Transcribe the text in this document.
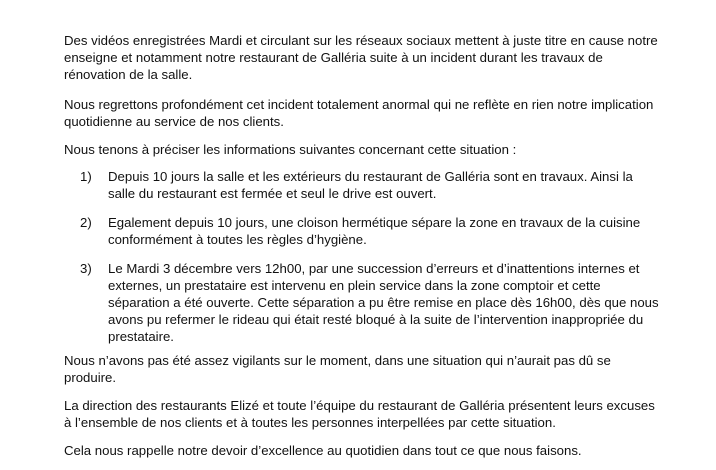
Des vidéos enregistrées Mardi et circulant sur les réseaux sociaux mettent à juste titre en cause notre
enseigne et notamment notre restaurant de Galléria suite à un incident durant les travaux de
rénovation de la salle.

Nous regrettons profondément cet incident totalement anormal qui ne reflète en rien notre implication
quotidienne au service de nos clients.

Nous tenons à préciser les informations suivantes concernant cette situation :

1)	Depuis 10 jours la salle et les extérieurs du restaurant de Galléria sont en travaux. Ainsi la
salle du restaurant est fermée et seul le drive est ouvert.
2)	Egalement depuis 10 jours, une cloison hermétique sépare la zone en travaux de la cuisine
conformément à toutes les règles d’hygiène.
3)	Le Mardi 3 décembre vers 12h00, par une succession d’erreurs et d’inattentions internes et
externes, un prestataire est intervenu en plein service dans la zone comptoir et cette
séparation a été ouverte. Cette séparation a pu être remise en place dès 16h00, dès que nous
avons pu refermer le rideau qui était resté bloqué à la suite de l’intervention inappropriée du
prestataire.

Nous n’avons pas été assez vigilants sur le moment, dans une situation qui n’aurait pas dû se
produire.

La direction des restaurants Elizé et toute l’équipe du restaurant de Galléria présentent leurs excuses
à l’ensemble de nos clients et à toutes les personnes interpellées par cette situation.

Cela nous rappelle notre devoir d’excellence au quotidien dans tout ce que nous faisons.
